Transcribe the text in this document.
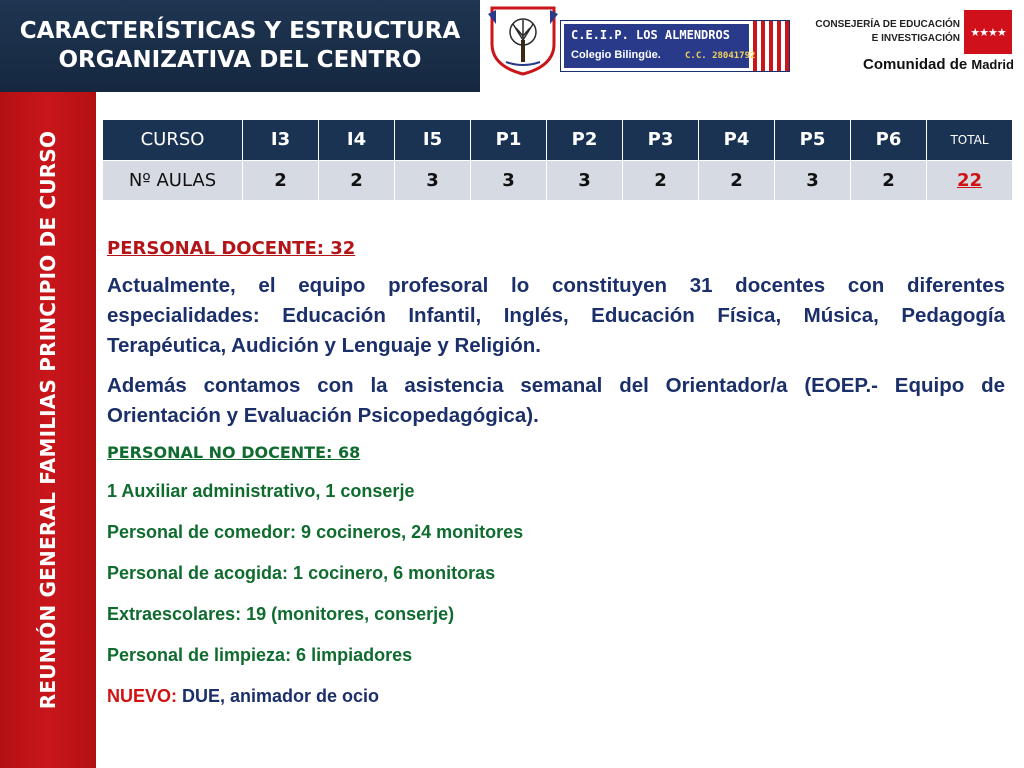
REUNIÓN GENERAL FAMILIAS PRINCIPIO DE CURSO
CARACTERÍSTICAS Y ESTRUCTURA
ORGANIZATIVA DEL CENTRO
C.E.I.P. LOS ALMENDROS
Colegio Bilingüe.	C.C. 28041792
CONSEJERÍA DE EDUCACIÓN
E INVESTIGACIÓN ★★★★
Comunidad de Madrid
CURSO	I3	I4	I5	P1	P2	P3	P4	P5	P6	TOTAL
Nº AULAS	2	2	3	3	3	2	2	3	2	22
PERSONAL DOCENTE: 32

Actualmente, el equipo profesoral lo constituyen 31 docentes con diferentes especialidades: Educación Infantil, Inglés, Educación Física, Música, Pedagogía Terapéutica, Audición y Lenguaje y Religión.

Además contamos con la asistencia semanal del Orientador/a (EOEP.- Equipo de Orientación y Evaluación Psicopedagógica).

PERSONAL NO DOCENTE: 68
1 Auxiliar administrativo, 1 conserje
Personal de comedor: 9 cocineros, 24 monitores
Personal de acogida: 1 cocinero, 6 monitoras
Extraescolares: 19 (monitores, conserje)
Personal de limpieza: 6 limpiadores
NUEVO: DUE, animador de ocio
